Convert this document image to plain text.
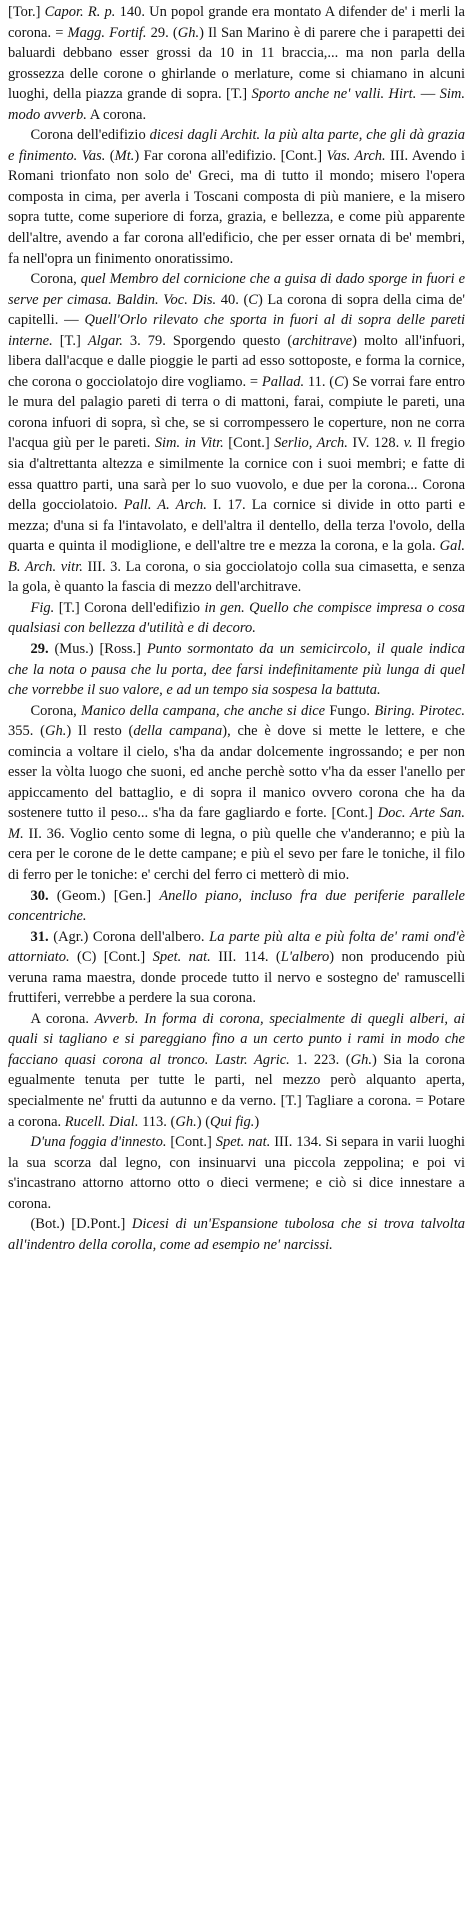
[Tor.] Capor. R. p. 140. Un popol grande era montato A difender de' i merli la corona. = Magg. Fortif. 29. (Gh.) Il San Marino è di parere che i parapetti dei baluardi debbano esser grossi da 10 in 11 braccia,... ma non parla della grossezza delle corone o ghirlande o merlature, come si chiamano in alcuni luoghi, della piazza grande di sopra. [T.] Sporto anche ne' valli. Hirt. — Sim. modo avverb. A corona.

Corona dell'edifizio dicesi dagli Archit. la più alta parte, che gli dà grazia e finimento. Vas. (Mt.) Far corona all'edifizio. [Cont.] Vas. Arch. III. Avendo i Romani trionfato non solo de' Greci, ma di tutto il mondo; misero l'opera composta in cima, per averla i Toscani composta di più maniere, e la misero sopra tutte, come superiore di forza, grazia, e bellezza, e come più apparente dell'altre, avendo a far corona all'edificio, che per esser ornata di be' membri, fa nell'opra un finimento onoratissimo.

Corona, quel Membro del cornicione che a guisa di dado sporge in fuori e serve per cimasa. Baldin. Voc. Dis. 40. (C) La corona di sopra della cima de' capitelli. — Quell'Orlo rilevato che sporta in fuori al di sopra delle pareti interne. [T.] Algar. 3. 79. Sporgendo questo (architrave) molto all'infuori, libera dall'acque e dalle pioggie le parti ad esso sottoposte, e forma la cornice, che corona o gocciolatojo dire vogliamo. = Pallad. 11. (C) Se vorrai fare entro le mura del palagio pareti di terra o di mattoni, farai, compiute le pareti, una corona infuori di sopra, sì che, se si corrompessero le coperture, non ne corra l'acqua giù per le pareti. Sim. in Vitr. [Cont.] Serlio, Arch. IV. 128. v. Il fregio sia d'altrettanta altezza e similmente la cornice con i suoi membri; e fatte di essa quattro parti, una sarà per lo suo vuovolo, e due per la corona... Corona della gocciolatoio. Pall. A. Arch. I. 17. La cornice si divide in otto parti e mezza; d'una si fa l'intavolato, e dell'altra il dentello, della terza l'ovolo, della quarta e quinta il modiglione, e dell'altre tre e mezza la corona, e la gola. Gal. B. Arch. vitr. III. 3. La corona, o sia gocciolatojo colla sua cimasetta, e senza la gola, è quanto la fascia di mezzo dell'architrave.

Fig. [T.] Corona dell'edifizio in gen. Quello che compisce impresa o cosa qualsiasi con bellezza d'utilità e di decoro.

29. (Mus.) [Ross.] Punto sormontato da un semicircolo, il quale indica che la nota o pausa che lu porta, dee farsi indefinitamente più lunga di quel che vorrebbe il suo valore, e ad un tempo sia sospesa la battuta.

Corona, Manico della campana, che anche si dice Fungo. Biring. Pirotec. 355. (Gh.) Il resto (della campana), che è dove si mette le lettere, e che comincia a voltare il cielo, s'ha da andar dolcemente ingrossando; e per non esser la vòlta luogo che suoni, ed anche perchè sotto v'ha da esser l'anello per appiccamento del battaglio, e di sopra il manico ovvero corona che ha da sostenere tutto il peso... s'ha da fare gagliardo e forte. [Cont.] Doc. Arte San. M. II. 36. Voglio cento some di legna, o più quelle che v'anderanno; e più la cera per le corone de le dette campane; e più el sevo per fare le toniche, il filo di ferro per le toniche: e' cerchi del ferro ci metterò di mio.

30. (Geom.) [Gen.] Anello piano, incluso fra due periferie parallele concentriche.

31. (Agr.) Corona dell'albero. La parte più alta e più folta de' rami ond'è attorniato. (C) [Cont.] Spet. nat. III. 114. (L'albero) non producendo più veruna rama maestra, donde procede tutto il nervo e sostegno de' ramuscelli fruttiferi, verrebbe a perdere la sua corona.

A corona. Avverb. In forma di corona, specialmente di quegli alberi, ai quali si tagliano e si pareggiano fino a un certo punto i rami in modo che facciano quasi corona al tronco. Lastr. Agric. 1. 223. (Gh.) Sia la corona egualmente tenuta per tutte le parti, nel mezzo però alquanto aperta, specialmente ne' frutti da autunno e da verno. [T.] Tagliare a corona. = Potare a corona. Rucell. Dial. 113. (Gh.) (Qui fig.)

D'una foggia d'innesto. [Cont.] Spet. nat. III. 134. Si separa in varii luoghi la sua scorza dal legno, con insinuarvi una piccola zeppolina; e poi vi s'incastrano attorno attorno otto o dieci vermene; e ciò si dice innestare a corona.

(Bot.) [D.Pont.] Dicesi di un'Espansione tubolosa che si trova talvolta all'indentro della corolla, come ad esempio ne' narcissi.
